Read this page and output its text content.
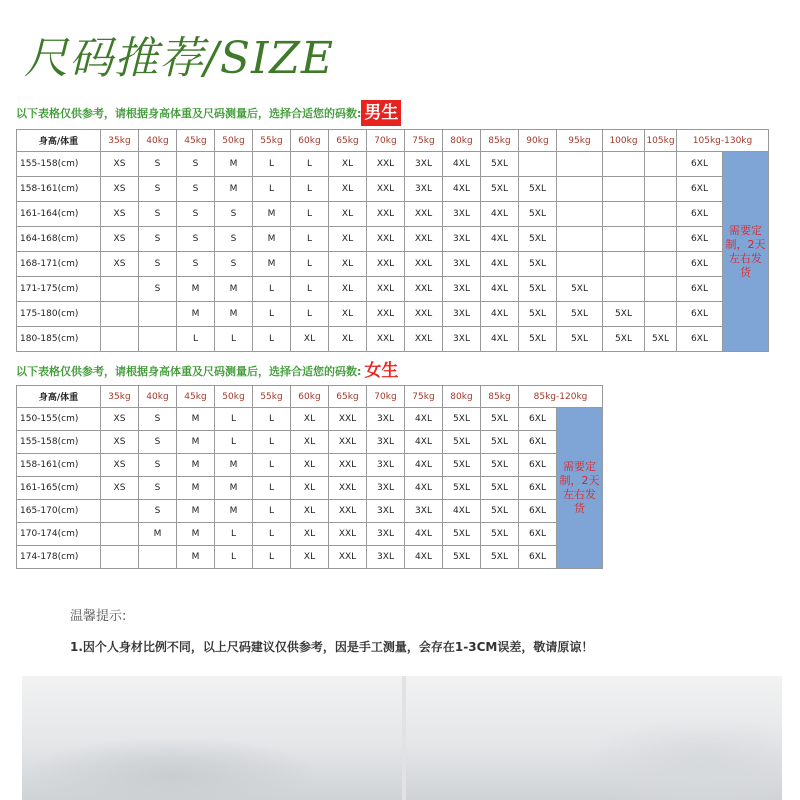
尺码推荐/SIZE
以下表格仅供参考，请根据身高体重及尺码测量后，选择合适您的码数: 男生
身高/体重	35kg	40kg	45kg	50kg	55kg	60kg	65kg	70kg	75kg	80kg	85kg	90kg	95kg	100kg	105kg	105kg-130kg	
155-158(cm)	XS	S	S	M	L	L	XL	XXL	3XL	4XL	5XL					6XL	需要定制，2天左右发货
158-161(cm)	XS	S	S	M	L	L	XL	XXL	3XL	4XL	5XL	5XL				6XL	
161-164(cm)	XS	S	S	S	M	L	XL	XXL	XXL	3XL	4XL	5XL				6XL	
164-168(cm)	XS	S	S	S	M	L	XL	XXL	XXL	3XL	4XL	5XL				6XL	
168-171(cm)	XS	S	S	S	M	L	XL	XXL	XXL	3XL	4XL	5XL				6XL	
171-175(cm)		S	M	M	L	L	XL	XXL	XXL	3XL	4XL	5XL	5XL			6XL	
175-180(cm)			M	M	L	L	XL	XXL	XXL	3XL	4XL	5XL	5XL	5XL		6XL	
180-185(cm)			L	L	L	XL	XL	XXL	XXL	3XL	4XL	5XL	5XL	5XL	5XL	6XL	
以下表格仅供参考，请根据身高体重及尺码测量后，选择合适您的码数: 女生
身高/体重	35kg	40kg	45kg	50kg	55kg	60kg	65kg	70kg	75kg	80kg	85kg	85kg-120kg	
150-155(cm)	XS	S	M	L	L	XL	XXL	3XL	4XL	5XL	5XL	6XL	需要定制，2天左右发货
155-158(cm)	XS	S	M	L	L	XL	XXL	3XL	4XL	5XL	5XL	6XL	
158-161(cm)	XS	S	M	M	L	XL	XXL	3XL	4XL	5XL	5XL	6XL	
161-165(cm)	XS	S	M	M	L	XL	XXL	3XL	4XL	5XL	5XL	6XL	
165-170(cm)		S	M	M	L	XL	XXL	3XL	3XL	4XL	5XL	6XL	
170-174(cm)		M	M	L	L	XL	XXL	3XL	4XL	5XL	5XL	6XL	
174-178(cm)			M	L	L	XL	XXL	3XL	4XL	5XL	5XL	6XL	
温馨提示:
1.因个人身材比例不同，以上尺码建议仅供参考，因是手工测量，会存在1-3CM误差，敬请原谅！
